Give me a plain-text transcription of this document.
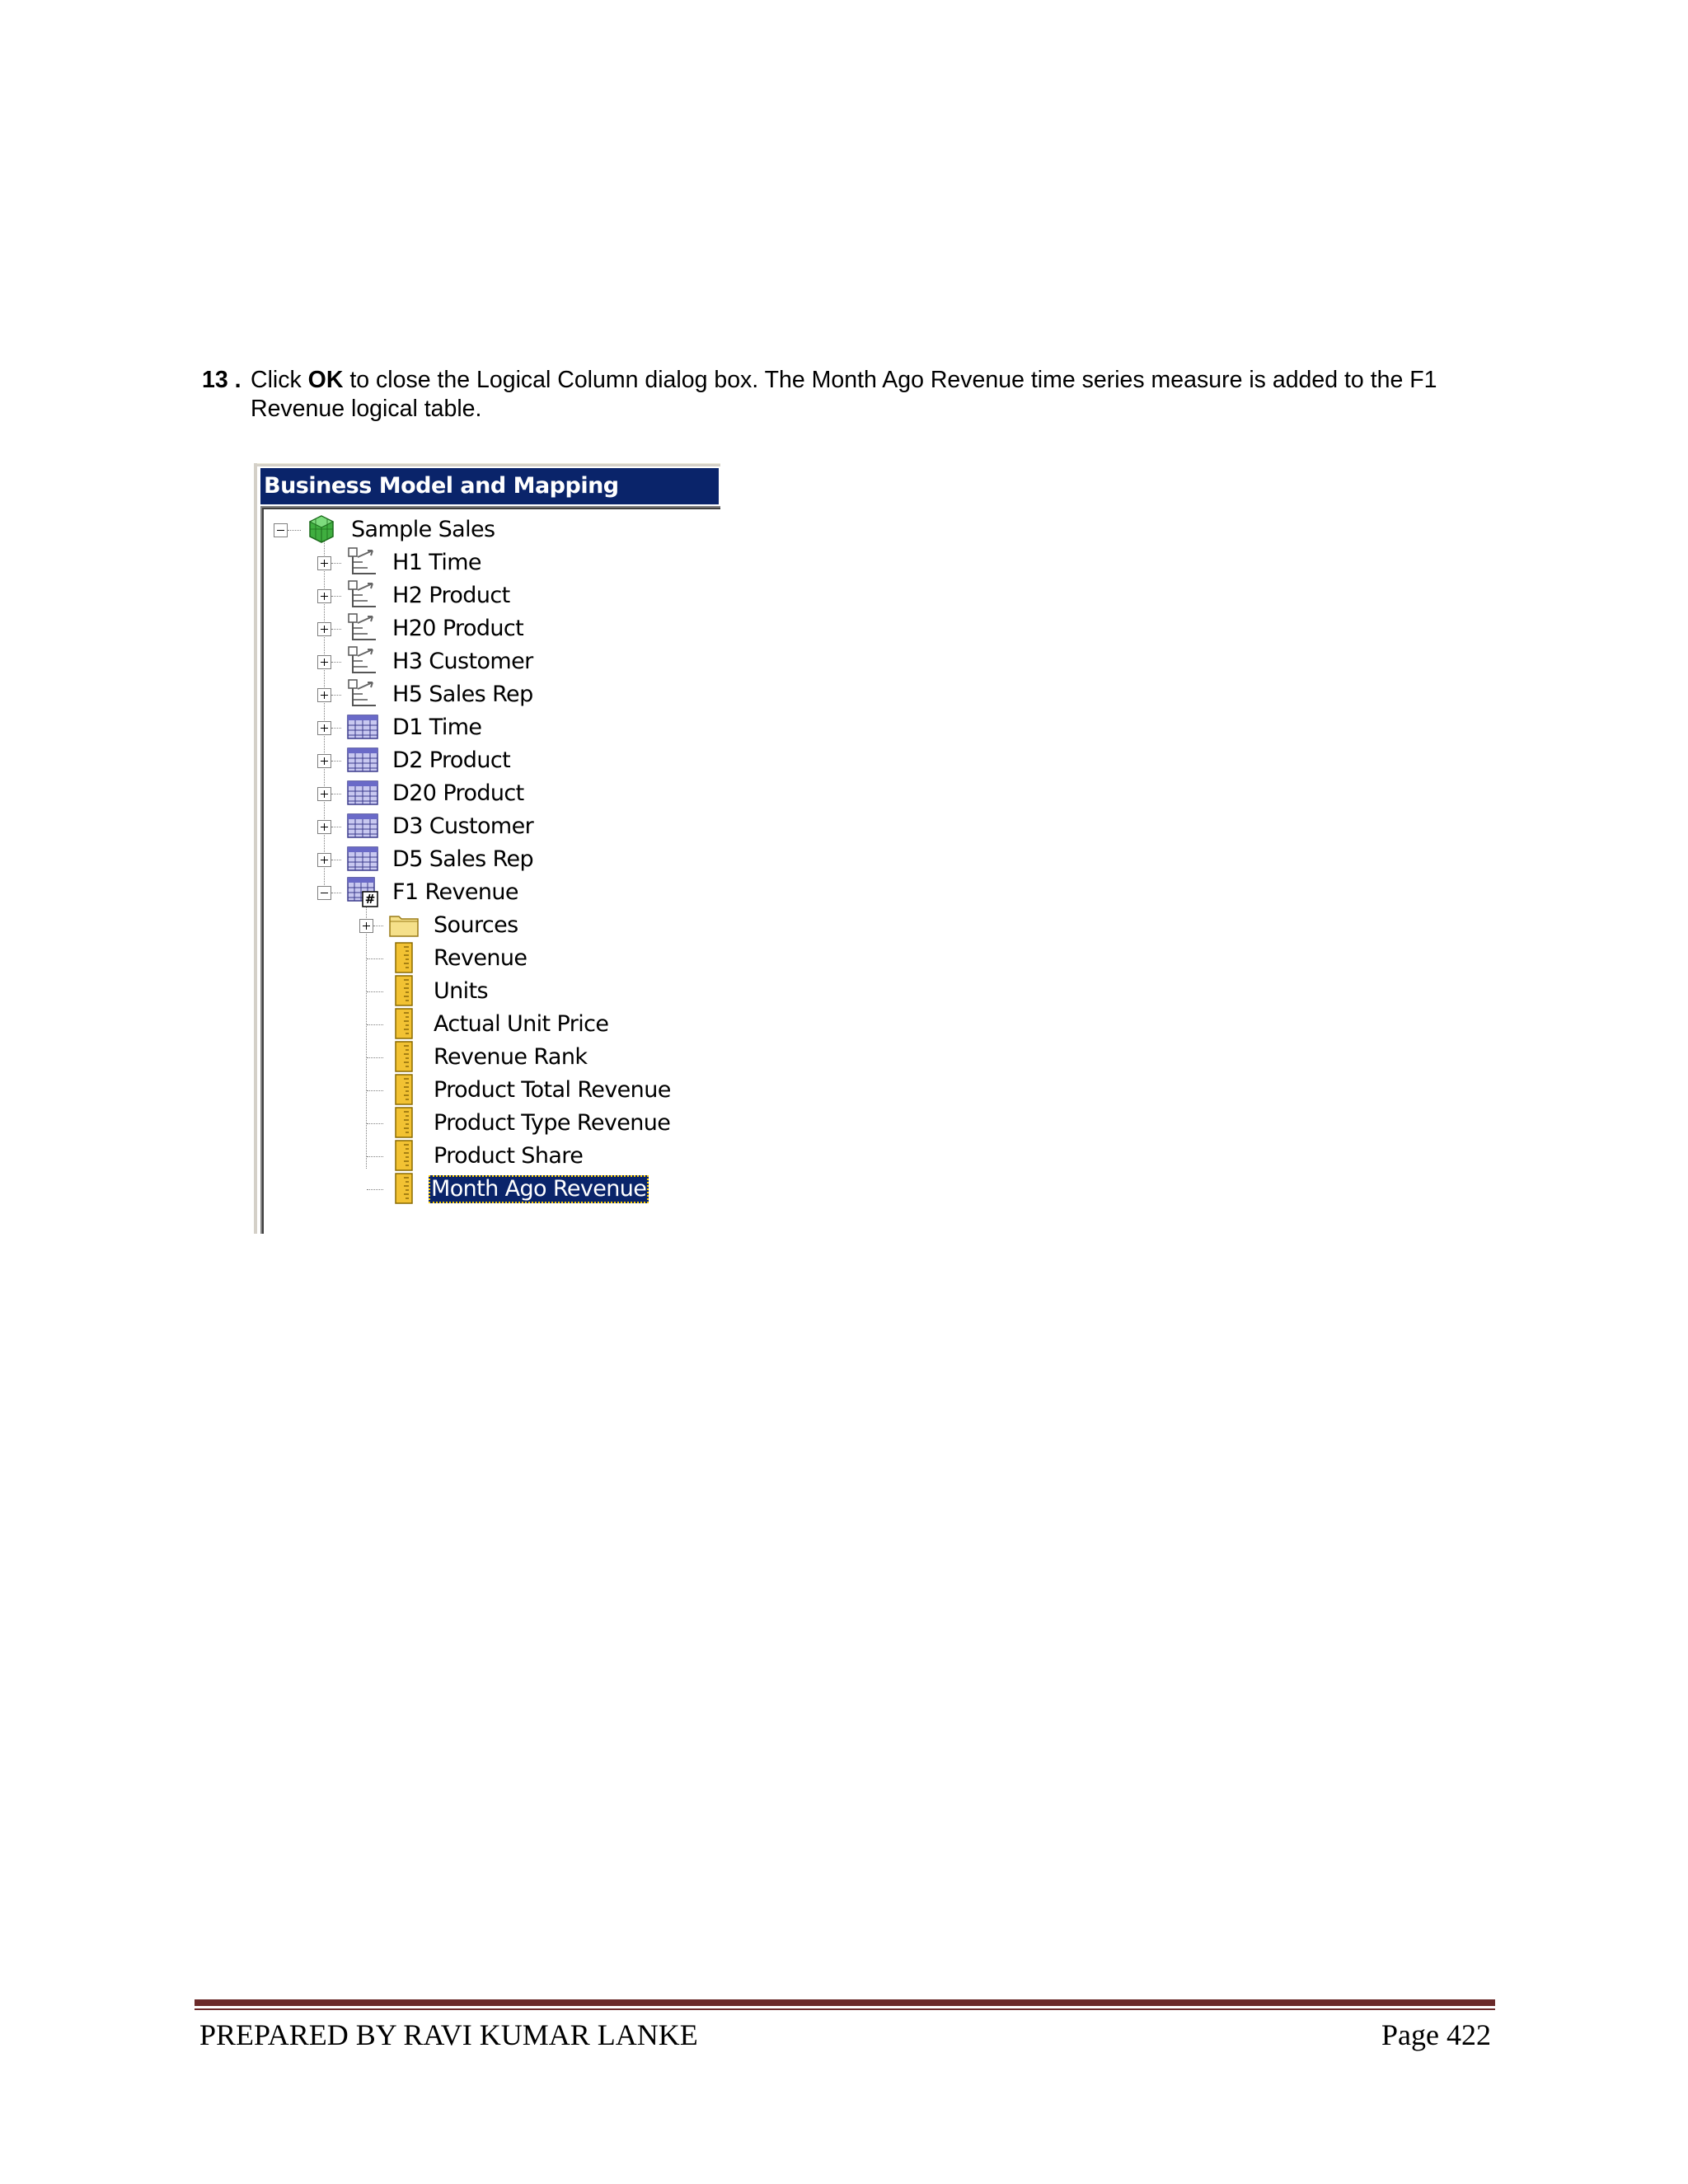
13 . Click OK to close the Logical Column dialog box. The Month Ago Revenue time series measure is added to the F1 Revenue logical table.
Business Model and Mapping
Sample Sales
H1 Time
H2 Product
H20 Product
H3 Customer
H5 Sales Rep
D1 Time
D2 Product
D20 Product
D3 Customer
D5 Sales Rep
# F1 Revenue
Sources
Revenue
Units
Actual Unit Price
Revenue Rank
Product Total Revenue
Product Type Revenue
Product Share
Month Ago Revenue
PREPARED BY RAVI KUMAR LANKE	Page 422
